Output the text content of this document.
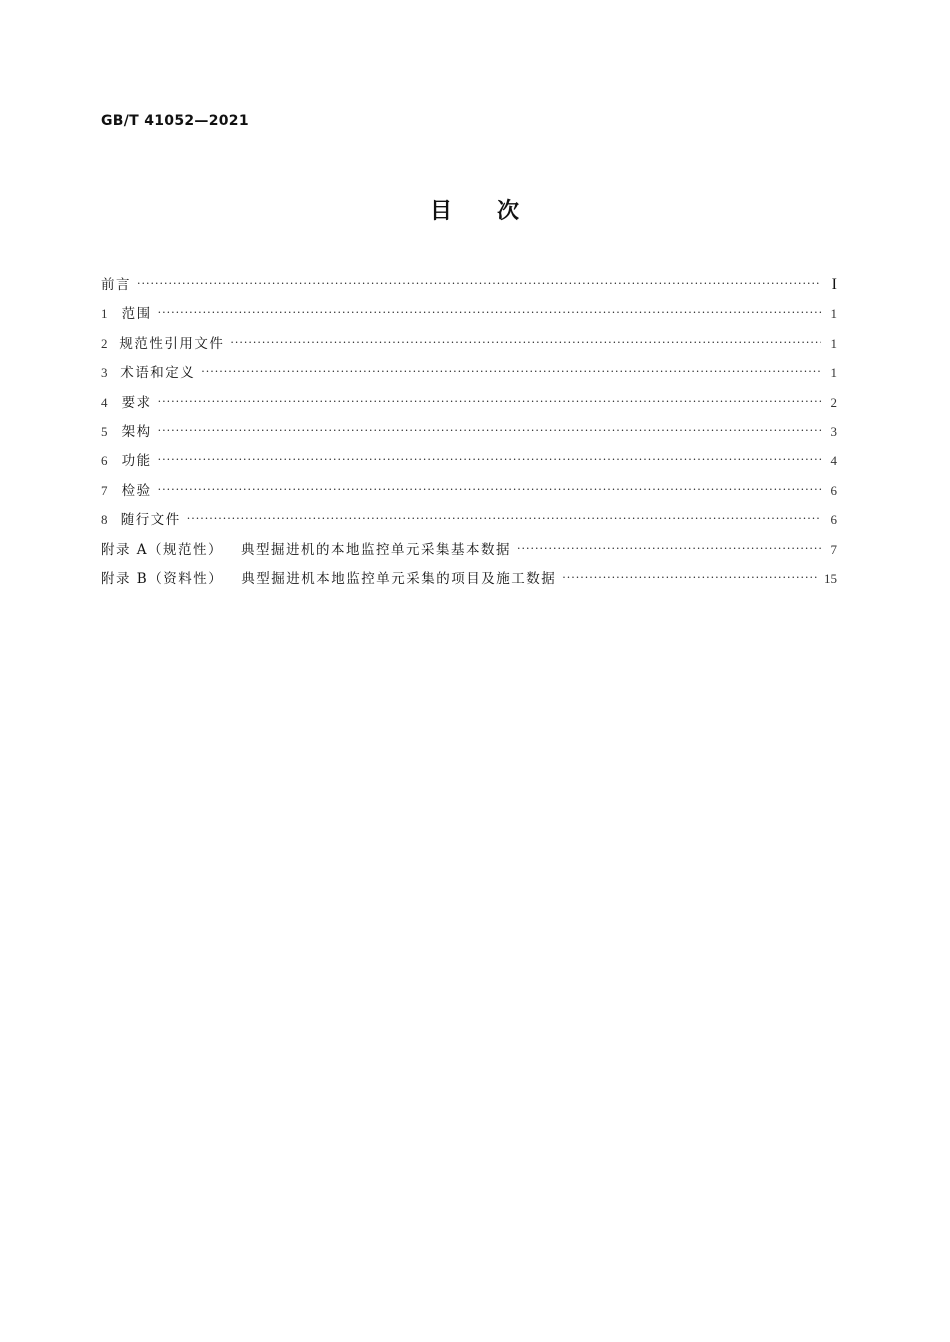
GB/T 41052—2021
目 次
前言 ·····	I
1	范围 ·····	1
2 规范性引用文件 ·····	1
3 术语和定义 ·····	1
4	要求 ·····	2
5	架构 ·····	3
6	功能 ·····	4
7	检验 ·····	6
8 随行文件 ·····	6
附录 A（规范性） 典型掘进机的本地监控单元采集基本数据 ·····	7
附录 B（资料性） 典型掘进机本地监控单元采集的项目及施工数据 ·····	15
